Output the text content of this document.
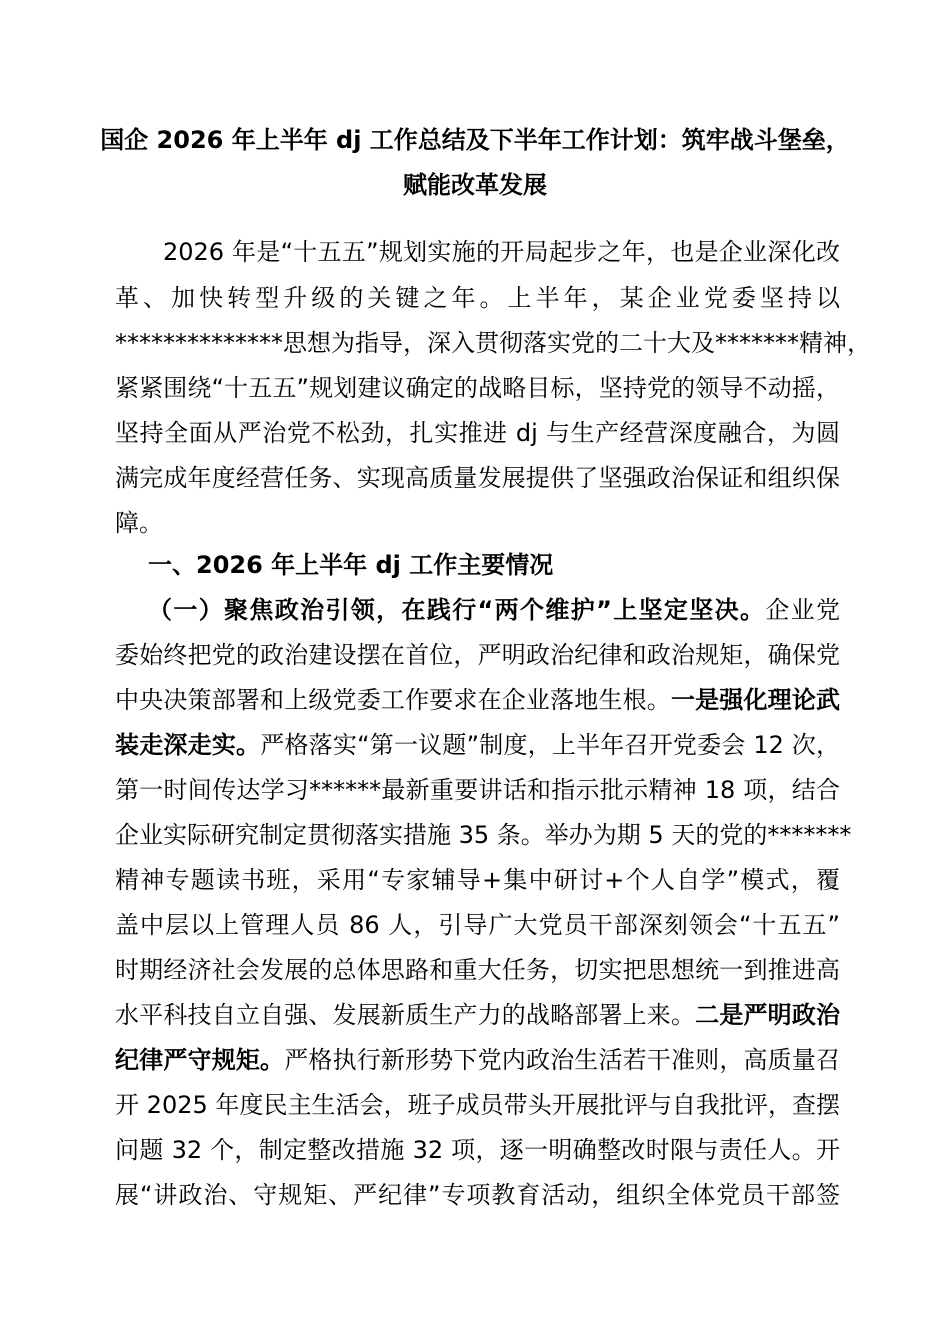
国企 2026 年上半年 dj 工作总结及下半年工作计划：筑牢战斗堡垒，
赋能改革发展
2026 年是“十五五”规划实施的开局起步之年，也是企业深化改
革、加快转型升级的关键之年。上半年，某企业党委坚持以
**************思想为指导，深入贯彻落实党的二十大及*******精神，
紧紧围绕“十五五”规划建议确定的战略目标，坚持党的领导不动摇，
坚持全面从严治党不松劲，扎实推进 dj 与生产经营深度融合，为圆
满完成年度经营任务、实现高质量发展提供了坚强政治保证和组织保
障。
一、2026 年上半年 dj 工作主要情况
（一）聚焦政治引领，在践行“两个维护”上坚定坚决。企业党
委始终把党的政治建设摆在首位，严明政治纪律和政治规矩，确保党
中央决策部署和上级党委工作要求在企业落地生根。一是强化理论武
装走深走实。严格落实“第一议题”制度，上半年召开党委会 12 次，
第一时间传达学习******最新重要讲话和指示批示精神 18 项，结合
企业实际研究制定贯彻落实措施 35 条。举办为期 5 天的党的*******
精神专题读书班，采用“专家辅导+集中研讨+个人自学”模式，覆
盖中层以上管理人员 86 人，引导广大党员干部深刻领会“十五五”
时期经济社会发展的总体思路和重大任务，切实把思想统一到推进高
水平科技自立自强、发展新质生产力的战略部署上来。二是严明政治
纪律严守规矩。严格执行新形势下党内政治生活若干准则，高质量召
开 2025 年度民主生活会，班子成员带头开展批评与自我批评，查摆
问题 32 个，制定整改措施 32 项，逐一明确整改时限与责任人。开
展“讲政治、守规矩、严纪律”专项教育活动，组织全体党员干部签
